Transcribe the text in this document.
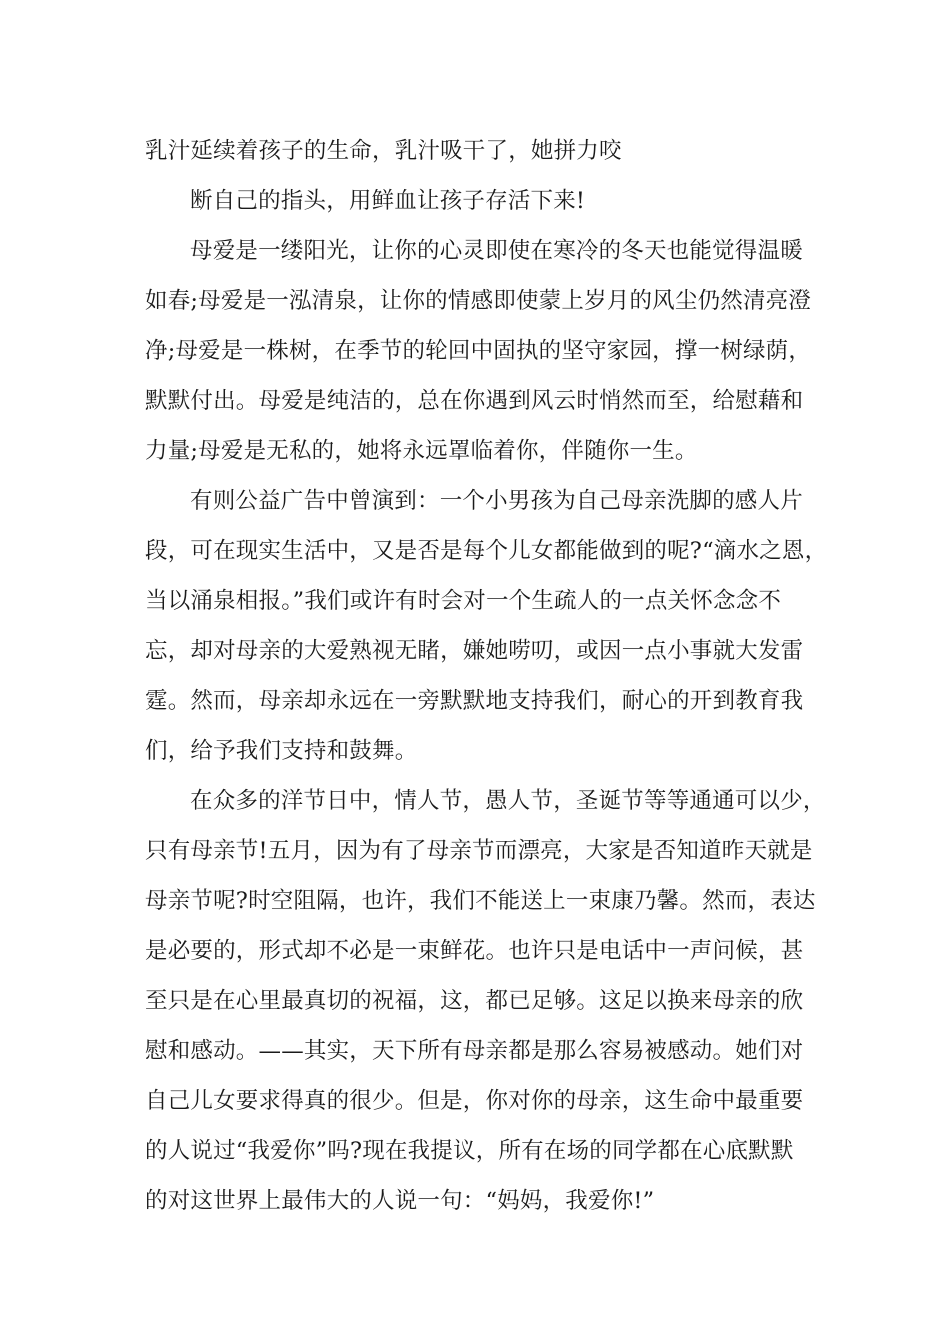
乳汁延续着孩子的生命，乳汁吸干了，她拼力咬
断自己的指头，用鲜血让孩子存活下来!
母爱是一缕阳光，让你的心灵即使在寒冷的冬天也能觉得温暖
如春;母爱是一泓清泉，让你的情感即使蒙上岁月的风尘仍然清亮澄
净;母爱是一株树，在季节的轮回中固执的坚守家园，撑一树绿荫，
默默付出。母爱是纯洁的，总在你遇到风云时悄然而至，给慰藉和
力量;母爱是无私的，她将永远罩临着你，伴随你一生。
有则公益广告中曾演到：一个小男孩为自己母亲洗脚的感人片
段，可在现实生活中，又是否是每个儿女都能做到的呢?“滴水之恩，
当以涌泉相报。”我们或许有时会对一个生疏人的一点关怀念念不
忘，却对母亲的大爱熟视无睹，嫌她唠叨，或因一点小事就大发雷
霆。然而，母亲却永远在一旁默默地支持我们，耐心的开到教育我
们，给予我们支持和鼓舞。
在众多的洋节日中，情人节，愚人节，圣诞节等等通通可以少，
只有母亲节!五月，因为有了母亲节而漂亮，大家是否知道昨天就是
母亲节呢?时空阻隔，也许，我们不能送上一束康乃馨。然而，表达
是必要的，形式却不必是一束鲜花。也许只是电话中一声问候，甚
至只是在心里最真切的祝福，这，都已足够。这足以换来母亲的欣
慰和感动。——其实，天下所有母亲都是那么容易被感动。她们对
自己儿女要求得真的很少。但是，你对你的母亲，这生命中最重要
的人说过“我爱你”吗?现在我提议，所有在场的同学都在心底默默
的对这世界上最伟大的人说一句：“妈妈，我爱你!”
